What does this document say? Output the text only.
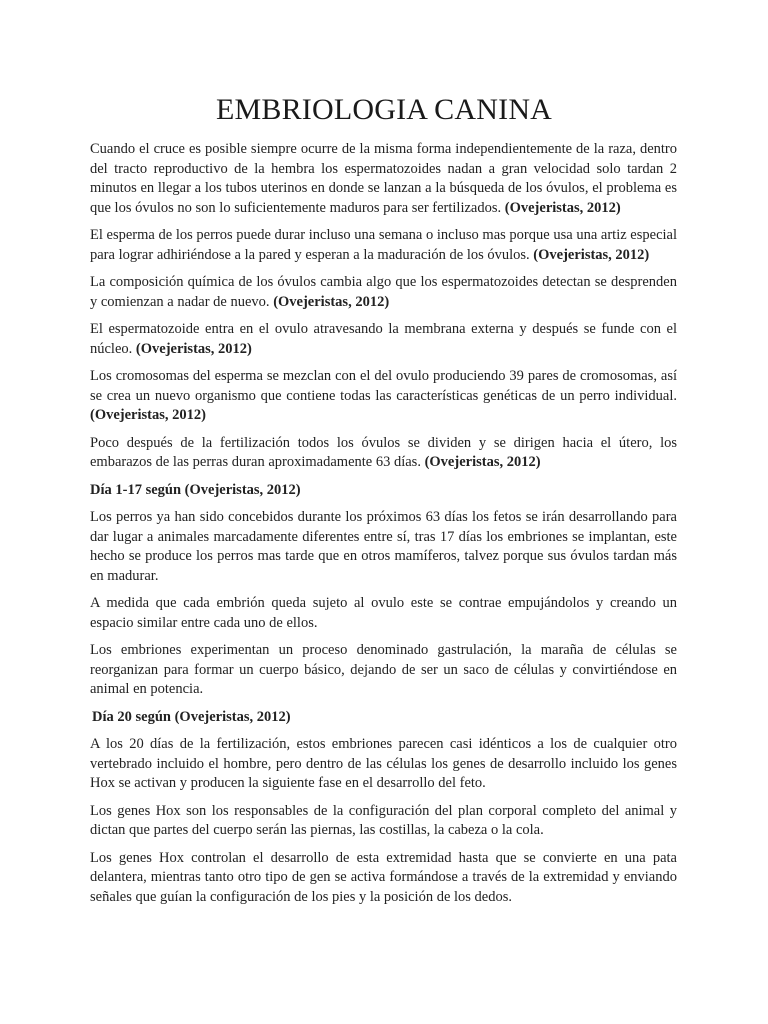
EMBRIOLOGIA CANINA

Cuando el cruce es posible siempre ocurre de la misma forma independientemente de la raza, dentro del tracto reproductivo de la hembra los espermatozoides nadan a gran velocidad solo tardan 2 minutos en llegar a los tubos uterinos en donde se lanzan a la búsqueda de los óvulos, el problema es que los óvulos no son lo suficientemente maduros para ser fertilizados. (Ovejeristas, 2012)

El esperma de los perros puede durar incluso una semana o incluso mas porque usa una artiz especial para lograr adhiriéndose a la pared y esperan a la maduración de los óvulos. (Ovejeristas, 2012)

La composición química de los óvulos cambia algo que los espermatozoides detectan se desprenden y comienzan a nadar de nuevo. (Ovejeristas, 2012)

El espermatozoide entra en el ovulo atravesando la membrana externa y después se funde con el núcleo. (Ovejeristas, 2012)

Los cromosomas del esperma se mezclan con el del ovulo produciendo 39 pares de cromosomas, así se crea un nuevo organismo que contiene todas las características genéticas de un perro individual. (Ovejeristas, 2012)

Poco después de la fertilización todos los óvulos se dividen y se dirigen hacia el útero, los embarazos de las perras duran aproximadamente 63 días. (Ovejeristas, 2012)

Día 1-17 según (Ovejeristas, 2012)

Los perros ya han sido concebidos durante los próximos 63 días los fetos se irán desarrollando para dar lugar a animales marcadamente diferentes entre sí, tras 17 días los embriones se implantan, este hecho se produce los perros mas tarde que en otros mamíferos, talvez porque sus óvulos tardan más en madurar.

A medida que cada embrión queda sujeto al ovulo este se contrae empujándolos y creando un espacio similar entre cada uno de ellos.

Los embriones experimentan un proceso denominado gastrulación, la maraña de células se reorganizan para formar un cuerpo básico, dejando de ser un saco de células y convirtiéndose en animal en potencia.

Día 20 según (Ovejeristas, 2012)

A los 20 días de la fertilización, estos embriones parecen casi idénticos a los de cualquier otro vertebrado incluido el hombre, pero dentro de las células los genes de desarrollo incluido los genes Hox se activan y producen la siguiente fase en el desarrollo del feto.

Los genes Hox son los responsables de la configuración del plan corporal completo del animal y dictan que partes del cuerpo serán las piernas, las costillas, la cabeza o la cola.

Los genes Hox controlan el desarrollo de esta extremidad hasta que se convierte en una pata delantera, mientras tanto otro tipo de gen se activa formándose a través de la extremidad y enviando señales que guían la configuración de los pies y la posición de los dedos.
